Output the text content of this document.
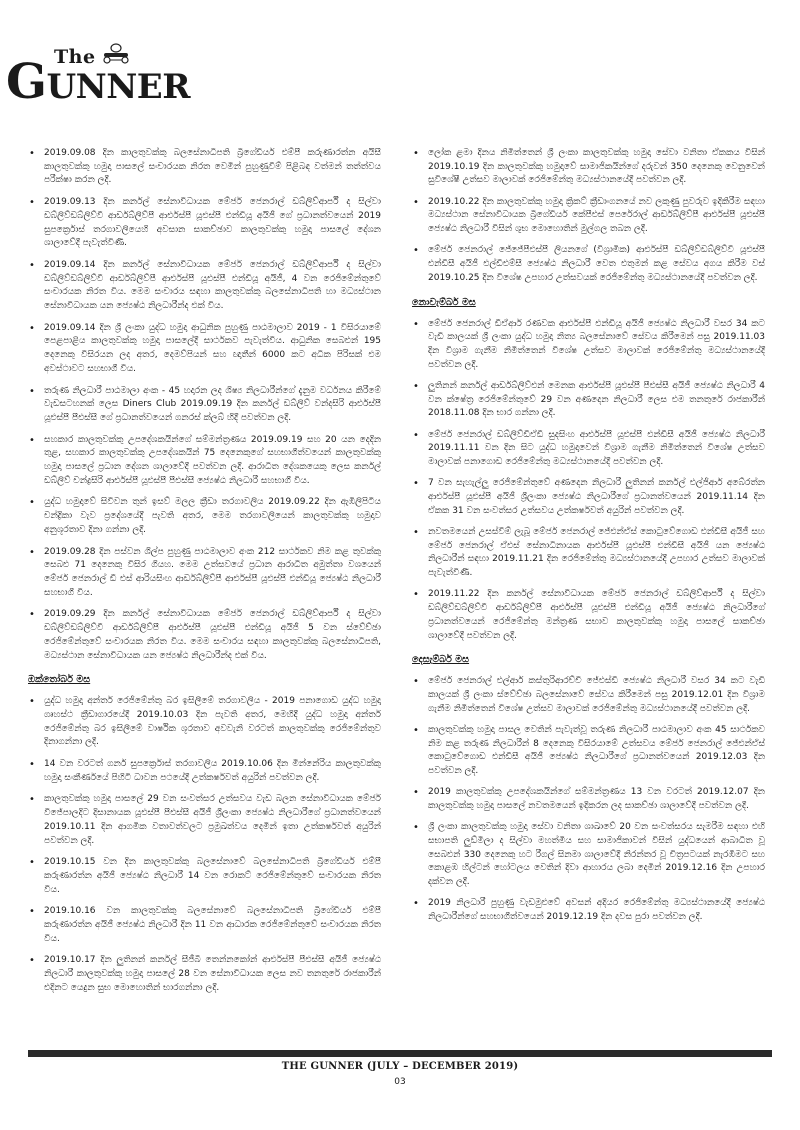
The
GUNNER

• 2019.09.08 දින කාලතුවක්කු බලසේනාධිපති බ්‍රිගේඩියර් එම්පී කරුණාරත්න අයිසී කාලතුවක්කු හමුදා පාසලේ සංචාරයක නිරත වෙමින් පුහුණුවීම් පිළිබඳ වත්මන් තත්ත්වය පරීක්ෂා කරන ලදී.

• 2019.09.13 දින කර්නල් සේනාවිධායක මේජර් ජෙනරාල් ඩබ්ලිව්ආර්පී ද සිල්වා ඩබ්ලිව්ඩබ්ලිව්වී ආර්ඩබ්ලිව්පී ආර්එස්පී යූඑස්පී එන්ඩියූ අයිජී ගේ ප්‍රධානත්වයෙන් 2019 සුපර්ක්‍රොස් තරගාවලියෙහි අවසාන සාකච්ඡාව කාලතුවක්කු හමුදා පාසලේ දේශන ශාලාවේදී පැවැත්විණි.

• 2019.09.14 දින කර්නල් සේනාවිධායක මේජර් ජෙනරාල් ඩබ්ලිව්ආර්පී ද සිල්වා ඩබ්ලිව්ඩබ්ලිව්වී ආර්ඩබ්ලිව්පී ආර්එස්පී යූඑස්පී එන්ඩියූ අයිජී, 4 වන රෙජිමේන්තුවේ සංචාරයක නිරත විය. මෙම සංචාරය සඳහා කාලතුවක්කු බලසේනාධිපති හා මධ්‍යස්ථාන සේනාවිධායක යන ජ්‍යෙෂ්ඨ නිලධාරීන්ද එක් විය.

• 2019.09.14 දින ශ්‍රී ලංකා යුද්ධ හමුදා ආධුනික පුහුණු පාඨමාලාව 2019 - 1 විසිරයාමේ පෙළපාළිය කාලතුවක්කු හමුදා පාසලේදී සාර්ථකව පැවැත්විය. ආධුනික සෙබළුන් 195 දෙනෙකු විසිරයන ලද අතර, දෙමව්පියන් සහ ඥාතීන් 6000 කට අධික පිරිසක් එම අවස්ථාවට සහභාගී විය.

• තරුණ නිලධාරී පාඨමාලා අංක - 45 හදාරන ලද ශිෂ්‍ය නිලධාරීන්ගේ දැනුම වර්ධනය කිරීමේ වැඩසටහනක් ලෙස Diners Club 2019.09.19 දින කර්නල් ඩබ්ලිව් වන්දසිරි ආර්එස්පී යූඑස්පී පීඑස්සී ගේ ප්‍රධානත්වයෙන් ගනරස් ක්ලබ් හිදී පවත්වන ලදී.

• සහකාර කාලතුවක්කු උපදේශකයින්ගේ සම්මන්ත්‍රණය 2019.09.19 සහ 20 යන දෙදින තුළ, සහකාර කාලතුවක්කු උපදේශකයින් 75 දෙනෙකුගේ සහභාගීත්වයෙන් කාලතුවක්කු හමුදා පාසලේ ප්‍රධාන දේශන ශාලාවේදී පවත්වන ලදී. ආරාධිත දේශකයෙකු ලෙස කර්නල් ඩබ්ලිව් චන්ද්‍රසිරි ආර්එස්පී යූඑස්පී පීඑස්සී ජ්‍යෙෂ්ඨ නිලධාරී සහභාගී විය.

• යුද්ධ හමුදාවේ සිවිවන තුන් ඉසව් මලල ක්‍රීඩා තරගාවලිය 2019.09.22 දින ඇඹිලිපිටිය චන්ද්‍රිකා වැව ප්‍රදේශයේදී පැවති අතර, මෙම තරගාවලියෙන් කාලතුවක්කු හමුදාව අනුශූරතාව දිනා ගන්නා ලදී.

• 2019.09.28 දින පස්වන ශිල්ප පුහුණු පාඨමාලාව අංක 212 සාර්ථකව නිම කළ තුවක්කු සෙබළු 71 දෙනෙකු විසිර ගියහ. මෙම උත්සවයේ ප්‍රධාන ආරාධිත අමුත්තා වශයෙන් මේජර් ජෙනරාල් ඩී එස් ආරියසිංහ ආර්ඩබ්ලිව්පී ආර්එස්පී යූඑස්පී එන්ඩියූ ජ්‍යෙෂ්ඨ නිලධාරී සහභාගී විය.

• 2019.09.29 දින කර්නල් සේනාවිධායක මේජර් ජෙනරාල් ඩබ්ලිව්ආර්පී ද සිල්වා ඩබ්ලිව්ඩබ්ලිව්වී ආර්ඩබ්ලිව්පී ආර්එස්පී යූඑස්පී එන්ඩියූ අයිජී 5 වන ස්වේච්ඡා රෙජිමේන්තුවේ සංචාරයක නිරත විය. මෙම සංචාරය සඳහා කාලතුවක්කු බලසේනාධිපති, මධ්‍යස්ථාන සේනාවිධායක යන ජ්‍යෙෂ්ඨ නිලධාරීන්ද එක් විය.

ඔක්තෝබර් මස

• යුද්ධ හමුදා අන්තර් රෙජිමේන්තු බර ඉසිලීමේ තරගාවලිය - 2019 පනාගොඩ යුද්ධ හමුදා ගෘහස්ථ ක්‍රීඩාගාරයේදී 2019.10.03 දින පැවති අතර, මෙහිදී යුද්ධ හමුදා අන්තර් රෙජිමේන්තු බර ඉසිලීමේ වාර්ෂික ශූරතාව අවවැනි වරටත් කාලතුවක්කු රෙජිමේන්තුව දිනාගන්නා ලදී.

• 14 වන වරටත් ගනර් සුපර්ක්‍රොස් තරගාවලිය 2019.10.06 දින මින්නේරිය කාලතුවක්කු හමුදා සංකීර්ණයේ පිහිටි ධාවන පථයේදී උත්කර්ෂවත් අයුරින් පවත්වන ලදී.

• කාලතුවක්කු හමුදා පාසලේ 29 වන සංවත්සර උත්සවය වැඩ බලන සේනාවිධායක මේජර් විජේපාලදිට දිසානායක යූඑස්පී පීඑස්සී අයිජී ශ්‍රීලංකා ජ්‍යෙෂ්ඨ නිලධාරීගේ ප්‍රධානත්වයෙන් 2019.10.11 දින ආගමික වතාවත්වලට ප්‍රමුඛත්වය දෙමින් ඉතා උත්කර්ෂවත් අයුරින් පවත්වන ලදී.

• 2019.10.15 වන දින කාලතුවක්කු බලසේනාවේ බලසේනාධිපති බ්‍රිගේඩියර් එම්පී කරුණාරත්න අයිජී ජ්‍යෙෂ්ඨ නිලධාරී 14 වන රොකට් රෙජිමේන්තුවේ සංචාරයක නිරත විය.

• 2019.10.16 වන කාලතුවක්කු බලසේනාවේ බලසේනාධිපති බ්‍රිගේඩියර් එම්පී කරුණාරත්න අයිජී ජ්‍යෙෂ්ඨ නිලධාරී දින 11 වන ආධාරක රෙජිමේන්තුවේ සංචාරයක නිරත විය.

• 2019.10.17 දින ලුතිනන් කර්නල් සීජීබී තෙන්නකෝන් ආර්එස්පී පීඑස්සී අයිජී ජ්‍යෙෂ්ඨ නිලධාරී කාලතුවක්කු හමුදා පාසලේ 28 වන සේනාවිධායක ලෙස නව තනතුරේ රාජකාරීන් එදිනට යෙදුන සුභ මොහොතින් භාරගන්නා ලදී.

• ලෝක ළමා දිනය නිමිත්තෙන් ශ්‍රී ලංකා කාලතුවක්කු හමුදා සේවා වනිතා ඒකකය විසින් 2019.10.19 දින කාලතුවක්කු හමුදාවේ සාමාජිකයින්ගේ දරුවන් 350 දෙනෙකු වෙනුවෙන් සුවිශේෂී උත්සව මාලාවක් රෙජිමේන්තු මධ්‍යස්ථානයේදී පවත්වන ලදී.

• 2019.10.22 දින කාලතුවක්කු හමුදා ක්‍රිකට් ක්‍රීඩාංගනයේ නව ලකුණු පුවරුව ඉදිකිරීම සඳහා මධ්‍යස්ථාන සේනාවිධායක බ්‍රිගේඩියර් කේපීඑස් පෙරේරාල් ආර්ඩබ්ලිව්පී ආර්එස්පී යූඑස්පී ජ්‍යෙෂ්ඨ නිලධාරී විසින් ශුභ මොහොතින් මුල්ගල තබන ලදී.

• මේජර් ජෙනරාල් ජේජේපීඑස්පී ලියනගේ (විශ්‍රාමික) ආර්එස්පී ඩබ්ලිව්ඩබ්ලිව්වී යූඑස්පී එන්ඩීසී අයිජී එල්ඩීඑම්සී ජ්‍යෙෂ්ඨ නිලධාරී වෙත එතුමන් කළ සේවය අගය කිරීම වස් 2019.10.25 දින විශේෂ උපහාර උත්සවයක් රෙජිමේන්තු මධ්‍යස්ථානයේදී පවත්වන ලදී.

නොවැම්බර් මස

• මේජර් ජෙනරාල් ඩීඒආර් රණවක ආර්එස්පී එන්ඩියූ අයිජී ජ්‍යෙෂ්ඨ නිලධාරී වසර 34 කට වැඩි කාලයක් ශ්‍රී ලංකා යුද්ධ හමුදා නිත්‍ය බලසේනාවේ සේවය කිරීමෙන් පසු 2019.11.03 දින විශ්‍රාම ගැනීම නිමිත්තෙන් විශේෂ උත්සව මාලාවක් රෙජිමේන්තු මධ්‍යස්ථානයේදී පවත්වන ලදී.

• ලුතිනන් කර්නල් ආර්ඩබ්ලිව්එන් මෙනක ආර්එස්පී යූඑස්පී පීඑස්සී අයිජී ජ්‍යෙෂ්ඨ නිලධාරී 4 වන ක්ෂේත්‍ර රෙජිමේන්තුවේ 29 වන අණදෙන නිලධාරී ලෙස එම තනතුරේ රාජකාරීන් 2018.11.08 දින භාර ගන්නා ලදී.

• මේජර් ජෙනරාල් ඩබ්ලිව්ඩීඒඩී සුදසිංහ ආර්එස්පී යූඑස්පී එන්ඩීසී අයිජී ජ්‍යෙෂ්ඨ නිලධාරී 2019.11.11 වන දින සිට යුද්ධ හමුදාවෙන් විශ්‍රාම ගැනීම නිමිත්තෙන් විශේෂ උත්සව මාලාවක් පනාගොඩ රෙජිමේන්තු මධ්‍යස්ථානයේදී පවත්වන ලදී.

• 7 වන සැහැල්ලු රෙජිමේන්තුවේ අණදෙන නිලධාරී ලුතිනන් කර්නල් එල්ජිආර් අබේරත්න ආර්එස්පී යූඑස්පී අයිජී ශ්‍රීලංකා ජ්‍යෙෂ්ඨ නිලධාරීගේ ප්‍රධානත්වයෙන් 2019.11.14 දින ඒකක 31 වන සංවත්සර උත්සවය උත්කර්ෂවත් අයුරින් පවත්වන ලදී.

• නවතමයෙන් උසස්වීම් ලැබූ මේජර් ජෙනරාල් ජේඑන්ඒස් කොටුවේගොඩ එන්ඩීසී අයිජී සහ මේජර් ජෙනරාල් ඒඑස් සේනාධිනායක ආර්එස්පී යූඑස්පී එන්ඩීසී අයිජී යන ජ්‍යෙෂ්ඨ නිලධාරීන් සඳහා 2019.11.21 දින රෙජිමේන්තු මධ්‍යස්ථානයේදී උපහාර උත්සව මාලාවක් පැවැත්විණි.

• 2019.11.22 දින කර්නල් සේනාවිධායක මේජර් ජෙනරාල් ඩබ්ලිව්ආර්පී ද සිල්වා ඩබ්ලිව්ඩබ්ලිව්වී ආර්ඩබ්ලිව්පී ආර්එස්පී යූඑස්පී එන්ඩියූ අයිජී ජ්‍යෙෂ්ඨ නිලධාරීගේ ප්‍රධානත්වයෙන් රෙජිමේන්තු මන්ත්‍රණ සභාව කාලතුවක්කු හමුදා පාසලේ සාකච්ඡා ශාලාවේදී පවත්වන ලදී.

දෙසැම්බර් මස

• මේජර් ජෙනරාල් එල්ආර් කස්තුරිආරච්චි ජේඑස්ඩී ජ්‍යෙෂ්ඨ නිලධාරී වසර 34 කට වැඩි කාලයක් ශ්‍රී ලංකා ස්වේච්ඡා බලසේනාවේ සේවය කිරීමෙන් පසු 2019.12.01 දින විශ්‍රාම ගැනීම නිමිත්තෙන් විශේෂ උත්සව මාලාවක් රෙජිමේන්තු මධ්‍යස්ථානයේදී පවත්වන ලදී.

• කාලතුවක්කු හමුදා පාසල වෙතින් පැවැත්වූ තරුණ නිලධාරී පාඨමාලාව අංක 45 සාර්ථකව නිම කළ තරුණ නිලධාරීන් 8 දෙනෙකු විසිරයාමේ උත්සවය මේජර් ජෙනරාල් ජේඑන්ඒස් කොටුවේගොඩ එන්ඩීසී අයිජී ජ්‍යෙෂ්ඨ නිලධාරීගේ ප්‍රධානත්වයෙන් 2019.12.03 දින පවත්වන ලදී.

• 2019 කාලතුවක්කු උපදේශකයින්ගේ සම්මන්ත්‍රණය 13 වන වරටත් 2019.12.07 දින කාලතුවක්කු හමුදා පාසලේ නවතමයෙන් ඉදිකරන ලද සාකච්ඡා ශාලාවේදී පවත්වන ලදී.

• ශ්‍රී ලංකා කාලතුවක්කු හමුදා සේවා වනිතා ශාඛාවේ 20 වන සංවත්සරය සැමරීම සඳහා එහි සභාපති ලුඩ්මිලා ද සිල්වා මහත්මිය සහ සාමාජිකාවන් විසින් යුද්ධයෙන් ආබාධිත වූ සෙබළුන් 330 දෙනෙකු හට රීගල් සිනමා ශාලාවේදී නිරන්තර වූ චිත්‍රපටයක් නැරඹීමට සහ කොළඹ හිල්ටන් හෝටලය වෙතින් දිවා ආහාරය ලබා දෙමින් 2019.12.16 දින උපහාර දක්වන ලදී.

• 2019 නිලධාරී පුහුණු වැඩමුළුවේ අවසන් අදියර රෙජිමේන්තු මධ්‍යස්ථානයේදී ජ්‍යෙෂ්ඨ නිලධාරීන්ගේ සහභාගීත්වයෙන් 2019.12.19 දින දවස පුරා පවත්වන ලදී.

THE GUNNER (JULY – DECEMBER 2019)
03
